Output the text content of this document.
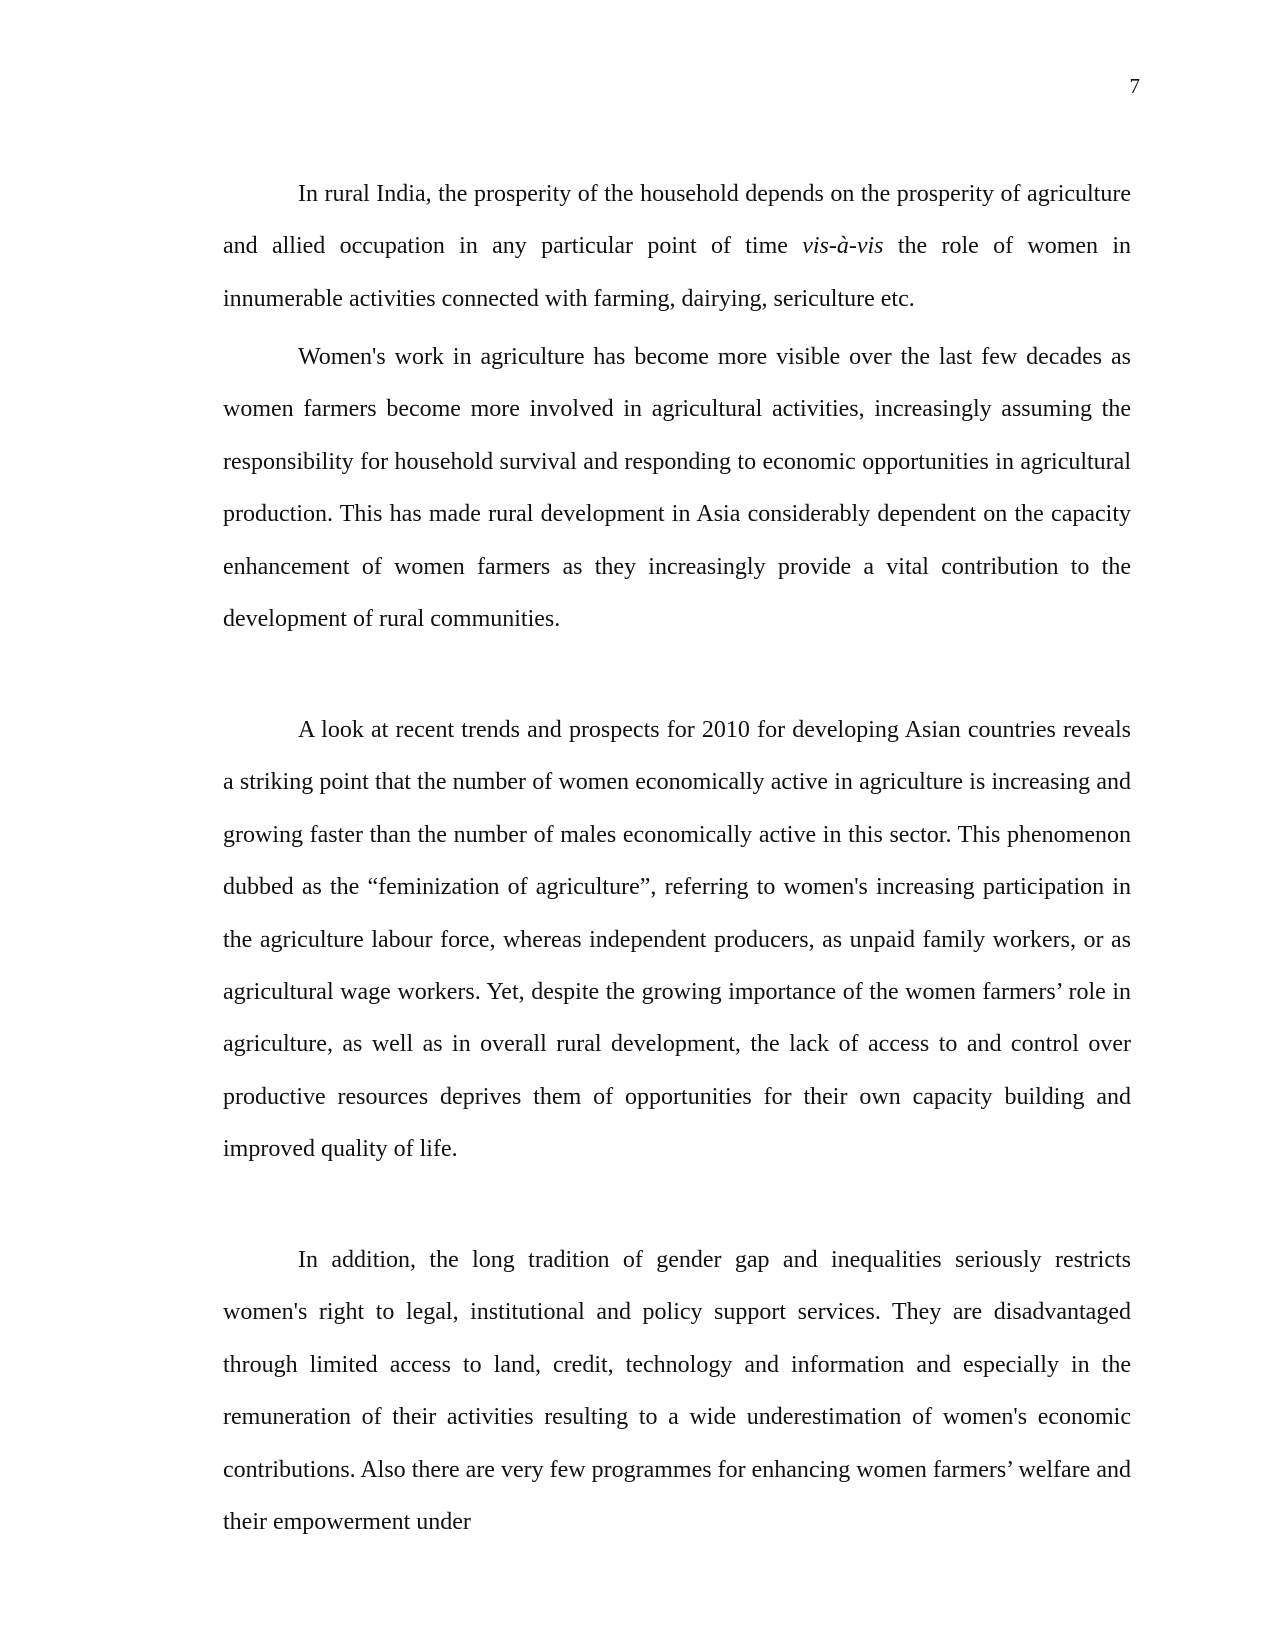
7

In rural India, the prosperity of the household depends on the prosperity of agriculture and allied occupation in any particular point of time vis-à-vis the role of women in innumerable activities connected with farming, dairying, sericulture etc.

Women's work in agriculture has become more visible over the last few decades as women farmers become more involved in agricultural activities, increasingly assuming the responsibility for household survival and responding to economic opportunities in agricultural production. This has made rural development in Asia considerably dependent on the capacity enhancement of women farmers as they increasingly provide a vital contribution to the development of rural communities.

A look at recent trends and prospects for 2010 for developing Asian countries reveals a striking point that the number of women economically active in agriculture is increasing and growing faster than the number of males economically active in this sector. This phenomenon dubbed as the “feminization of agriculture”, referring to women's increasing participation in the agriculture labour force, whereas independent producers, as unpaid family workers, or as agricultural wage workers. Yet, despite the growing importance of the women farmers’ role in agriculture, as well as in overall rural development, the lack of access to and control over productive resources deprives them of opportunities for their own capacity building and improved quality of life.

In addition, the long tradition of gender gap and inequalities seriously restricts women's right to legal, institutional and policy support services. They are disadvantaged through limited access to land, credit, technology and information and especially in the remuneration of their activities resulting to a wide underestimation of women's economic contributions. Also there are very few programmes for enhancing women farmers’ welfare and their empowerment under
